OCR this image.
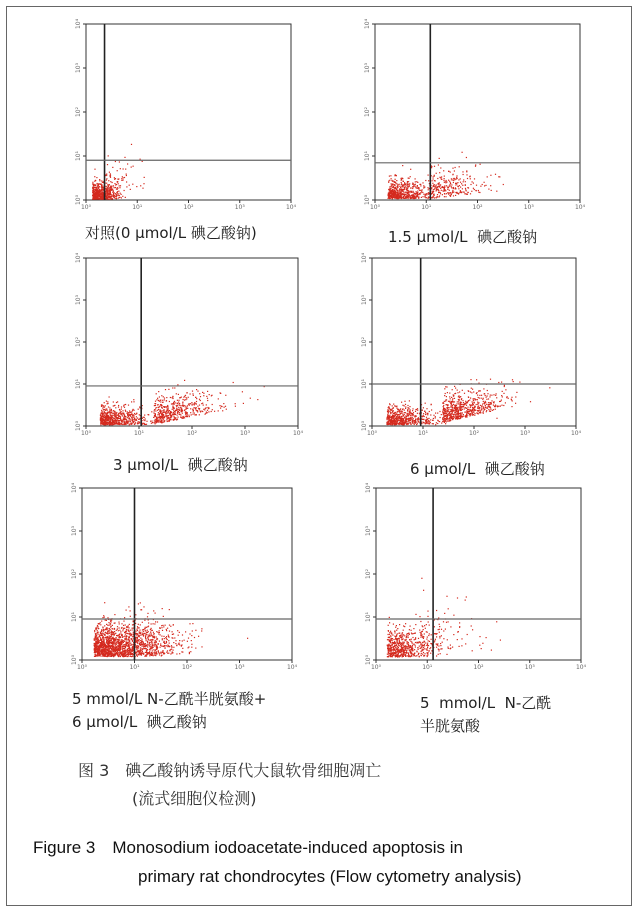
10⁰	10¹	10²	10³	10⁴
10⁰
10¹
10²
10³
10⁴
10⁰	10¹	10²	10³	10⁴
10⁰
10¹
10²
10³
10⁴
10⁰	10¹	10²	10³	10⁴
10⁰
10¹
10²
10³
10⁴
10⁰	10¹	10²	10³	10⁴
10⁰
10¹
10²
10³
10⁴
10⁰	10¹	10²	10³	10⁴
10⁰
10¹
10²
10³
10⁴
10⁰	10¹	10²	10³	10⁴
10⁰
10¹
10²
10³
10⁴
图 3　碘乙酸钠诱导原代大鼠软骨细胞凋亡
(流式细胞仪检测)
Figure 3　Monosodium iodoacetate-induced apoptosis in
primary rat chondrocytes (Flow cytometry analysis)
对照(0 μmol/L 碘乙酸钠)	1.5 μmol/L  碘乙酸钠
3 μmol/L  碘乙酸钠	6 μmol/L  碘乙酸钠
5 mmol/L N-乙酰半胱氨酸+
6 μmol/L  碘乙酸钠
5  mmol/L  N-乙酰
半胱氨酸
